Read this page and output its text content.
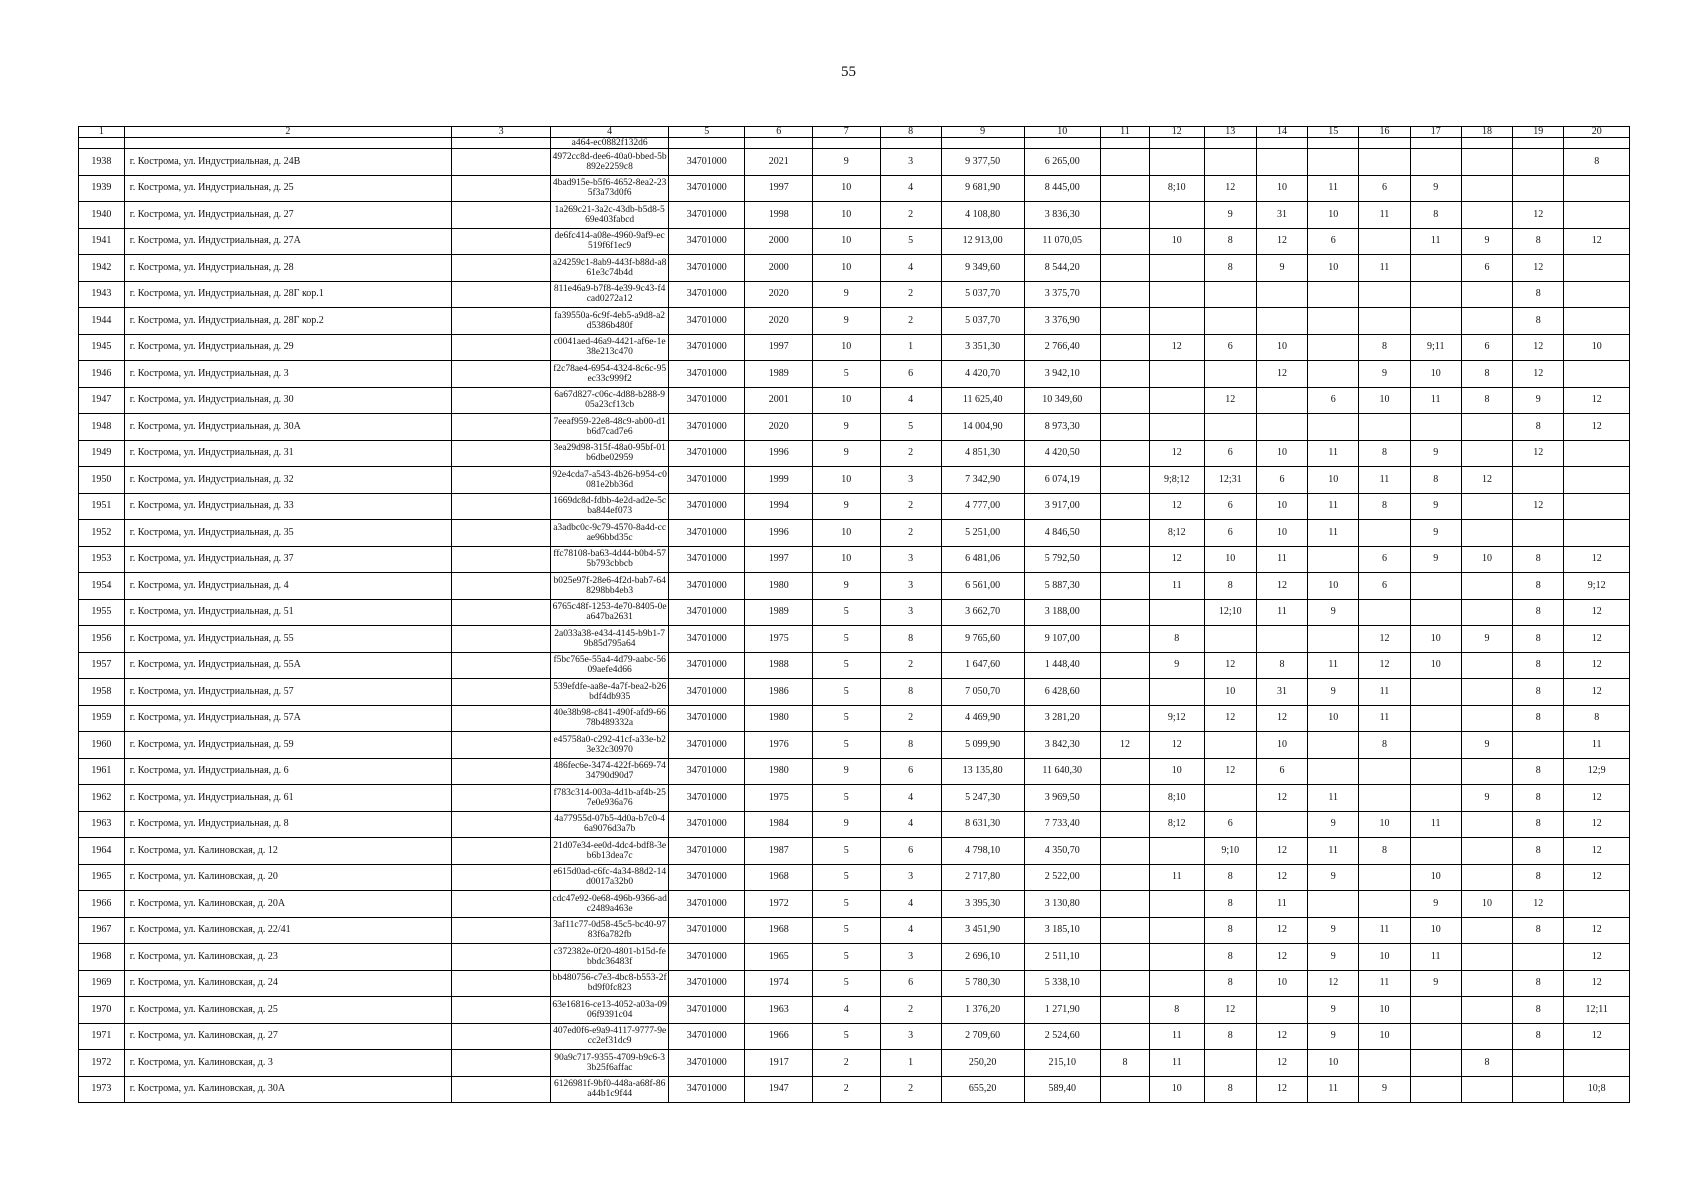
55
1	2	3	4	5	6	7	8	9	10	11	12	13	14	15	16	17	18	19	20
			a464-ec0882f132d6																
1938	г. Кострома, ул. Индустриальная, д. 24В		4972cc8d-dee6-40a0-bbed-5b892e2259c8	34701000	2021	9	3	9 377,50	6 265,00										8
1939	г. Кострома, ул. Индустриальная, д. 25		4bad915e-b5f6-4652-8ea2-235f3a73d0f6	34701000	1997	10	4	9 681,90	8 445,00		8;10	12	10	11	6	9			
1940	г. Кострома, ул. Индустриальная, д. 27		1a269c21-3a2c-43db-b5d8-569e403fabcd	34701000	1998	10	2	4 108,80	3 836,30			9	31	10	11	8		12	
1941	г. Кострома, ул. Индустриальная, д. 27А		de6fc414-a08e-4960-9af9-ec519f6f1ec9	34701000	2000	10	5	12 913,00	11 070,05		10	8	12	6		11	9	8	12
1942	г. Кострома, ул. Индустриальная, д. 28		a24259c1-8ab9-443f-b88d-a861e3c74b4d	34701000	2000	10	4	9 349,60	8 544,20			8	9	10	11		6	12	
1943	г. Кострома, ул. Индустриальная, д. 28Г кор.1		811e46a9-b7f8-4e39-9c43-f4cad0272a12	34701000	2020	9	2	5 037,70	3 375,70									8	
1944	г. Кострома, ул. Индустриальная, д. 28Г кор.2		fa39550a-6c9f-4eb5-a9d8-a2d5386b480f	34701000	2020	9	2	5 037,70	3 376,90									8	
1945	г. Кострома, ул. Индустриальная, д. 29		c0041aed-46a9-4421-af6e-1e38e213c470	34701000	1997	10	1	3 351,30	2 766,40		12	6	10		8	9;11	6	12	10
1946	г. Кострома, ул. Индустриальная, д. 3		f2c78ae4-6954-4324-8c6c-95ec33c999f2	34701000	1989	5	6	4 420,70	3 942,10				12		9	10	8	12	
1947	г. Кострома, ул. Индустриальная, д. 30		6a67d827-c06c-4d88-b288-905a23cf13cb	34701000	2001	10	4	11 625,40	10 349,60			12		6	10	11	8	9	12
1948	г. Кострома, ул. Индустриальная, д. 30А		7eeaf959-22e8-48c9-ab00-d1b6d7cad7e6	34701000	2020	9	5	14 004,90	8 973,30									8	12
1949	г. Кострома, ул. Индустриальная, д. 31		3ea29d98-315f-48a0-95bf-01b6dbe02959	34701000	1996	9	2	4 851,30	4 420,50		12	6	10	11	8	9		12	
1950	г. Кострома, ул. Индустриальная, д. 32		92e4cda7-a543-4b26-b954-c0081e2bb36d	34701000	1999	10	3	7 342,90	6 074,19		9;8;12	12;31	6	10	11	8	12		
1951	г. Кострома, ул. Индустриальная, д. 33		1669dc8d-fdbb-4e2d-ad2e-5cba844ef073	34701000	1994	9	2	4 777,00	3 917,00		12	6	10	11	8	9		12	
1952	г. Кострома, ул. Индустриальная, д. 35		a3adbc0c-9c79-4570-8a4d-ccae96bbd35c	34701000	1996	10	2	5 251,00	4 846,50		8;12	6	10	11		9			
1953	г. Кострома, ул. Индустриальная, д. 37		ffc78108-ba63-4d44-b0b4-575b793cbbcb	34701000	1997	10	3	6 481,06	5 792,50		12	10	11		6	9	10	8	12
1954	г. Кострома, ул. Индустриальная, д. 4		b025e97f-28e6-4f2d-bab7-648298bb4eb3	34701000	1980	9	3	6 561,00	5 887,30		11	8	12	10	6			8	9;12
1955	г. Кострома, ул. Индустриальная, д. 51		6765c48f-1253-4e70-8405-0ea647ba2631	34701000	1989	5	3	3 662,70	3 188,00			12;10	11	9				8	12
1956	г. Кострома, ул. Индустриальная, д. 55		2a033a38-e434-4145-b9b1-79b85d795a64	34701000	1975	5	8	9 765,60	9 107,00		8				12	10	9	8	12
1957	г. Кострома, ул. Индустриальная, д. 55А		f5bc765e-55a4-4d79-aabc-5609aefe4d66	34701000	1988	5	2	1 647,60	1 448,40		9	12	8	11	12	10		8	12
1958	г. Кострома, ул. Индустриальная, д. 57		539efdfe-aa8e-4a7f-bea2-b26bdf4db935	34701000	1986	5	8	7 050,70	6 428,60			10	31	9	11			8	12
1959	г. Кострома, ул. Индустриальная, д. 57А		40e38b98-c841-490f-afd9-6678b489332a	34701000	1980	5	2	4 469,90	3 281,20		9;12	12	12	10	11			8	8
1960	г. Кострома, ул. Индустриальная, д. 59		e45758a0-c292-41cf-a33e-b23e32c30970	34701000	1976	5	8	5 099,90	3 842,30	12	12		10		8		9		11
1961	г. Кострома, ул. Индустриальная, д. 6		486fec6e-3474-422f-b669-7434790d90d7	34701000	1980	9	6	13 135,80	11 640,30		10	12	6					8	12;9
1962	г. Кострома, ул. Индустриальная, д. 61		f783c314-003a-4d1b-af4b-257e0e936a76	34701000	1975	5	4	5 247,30	3 969,50		8;10		12	11			9	8	12
1963	г. Кострома, ул. Индустриальная, д. 8		4a77955d-07b5-4d0a-b7c0-46a9076d3a7b	34701000	1984	9	4	8 631,30	7 733,40		8;12	6		9	10	11		8	12
1964	г. Кострома, ул. Калиновская, д. 12		21d07e34-ee0d-4dc4-bdf8-3eb6b13dea7c	34701000	1987	5	6	4 798,10	4 350,70			9;10	12	11	8			8	12
1965	г. Кострома, ул. Калиновская, д. 20		e615d0ad-c6fc-4a34-88d2-14d0017a32b0	34701000	1968	5	3	2 717,80	2 522,00		11	8	12	9		10		8	12
1966	г. Кострома, ул. Калиновская, д. 20А		cdc47e92-0e68-496b-9366-adc2489a463e	34701000	1972	5	4	3 395,30	3 130,80			8	11			9	10	12	
1967	г. Кострома, ул. Калиновская, д. 22/41		3af11c77-0d58-45c5-bc40-9783f6a782fb	34701000	1968	5	4	3 451,90	3 185,10			8	12	9	11	10		8	12
1968	г. Кострома, ул. Калиновская, д. 23		c372382e-0f20-4801-b15d-febbdc36483f	34701000	1965	5	3	2 696,10	2 511,10			8	12	9	10	11			12
1969	г. Кострома, ул. Калиновская, д. 24		bb480756-c7e3-4bc8-b553-2fbd9f0fc823	34701000	1974	5	6	5 780,30	5 338,10			8	10	12	11	9		8	12
1970	г. Кострома, ул. Калиновская, д. 25		63e16816-ce13-4052-a03a-0906f9391c04	34701000	1963	4	2	1 376,20	1 271,90		8	12		9	10			8	12;11
1971	г. Кострома, ул. Калиновская, д. 27		407ed0f6-e9a9-4117-9777-9ecc2ef31dc9	34701000	1966	5	3	2 709,60	2 524,60		11	8	12	9	10			8	12
1972	г. Кострома, ул. Калиновская, д. 3		90a9c717-9355-4709-b9c6-33b25f6affac	34701000	1917	2	1	250,20	215,10	8	11		12	10			8		
1973	г. Кострома, ул. Калиновская, д. 30А		6126981f-9bf0-448a-a68f-86a44b1c9f44	34701000	1947	2	2	655,20	589,40		10	8	12	11	9				10;8
